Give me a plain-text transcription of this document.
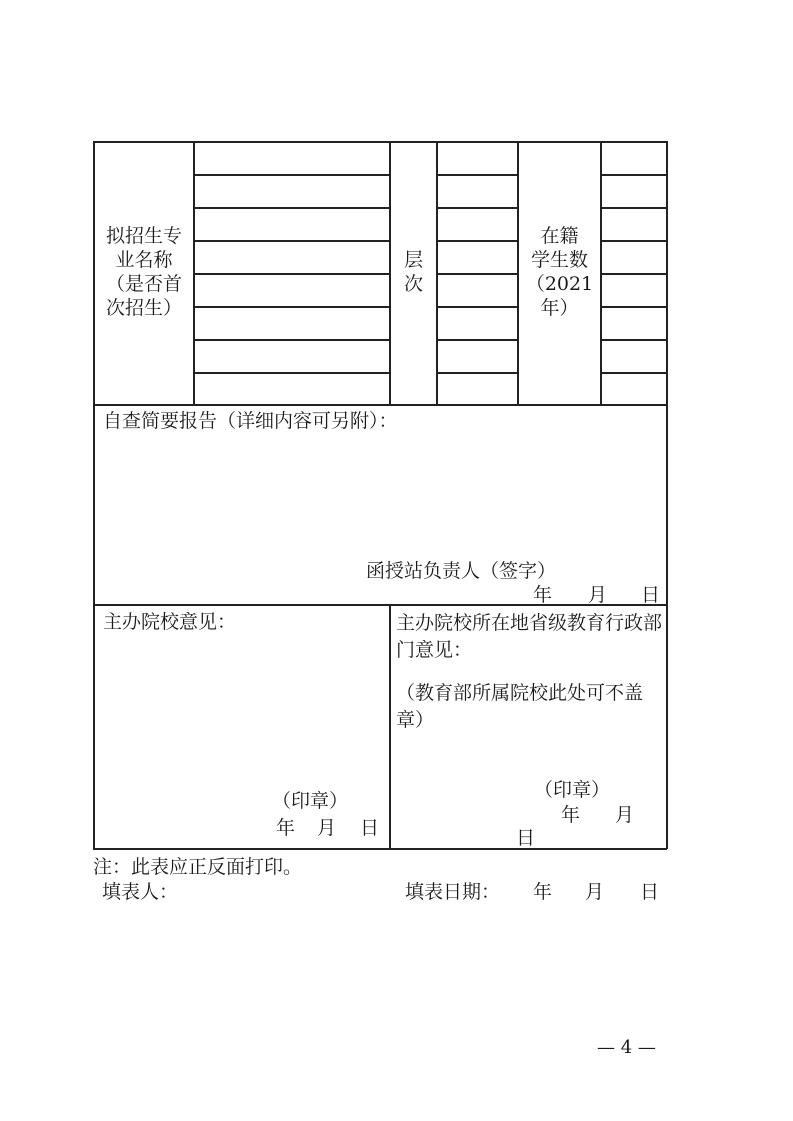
拟招生专
业名称
（是否首
次招生）
层
次
在籍
学生数
（2021
年）
自查简要报告（详细内容可另附）：
函授站负责人（签字）
年 月 日
主办院校意见：
（印章）
年 月 日
主办院校所在地省级教育行政部门意见：
（教育部所属院校此处可不盖章）
（印章）
年 月
日
注：此表应正反面打印。
填表人：	填表日期： 年 月 日
— 4 —
